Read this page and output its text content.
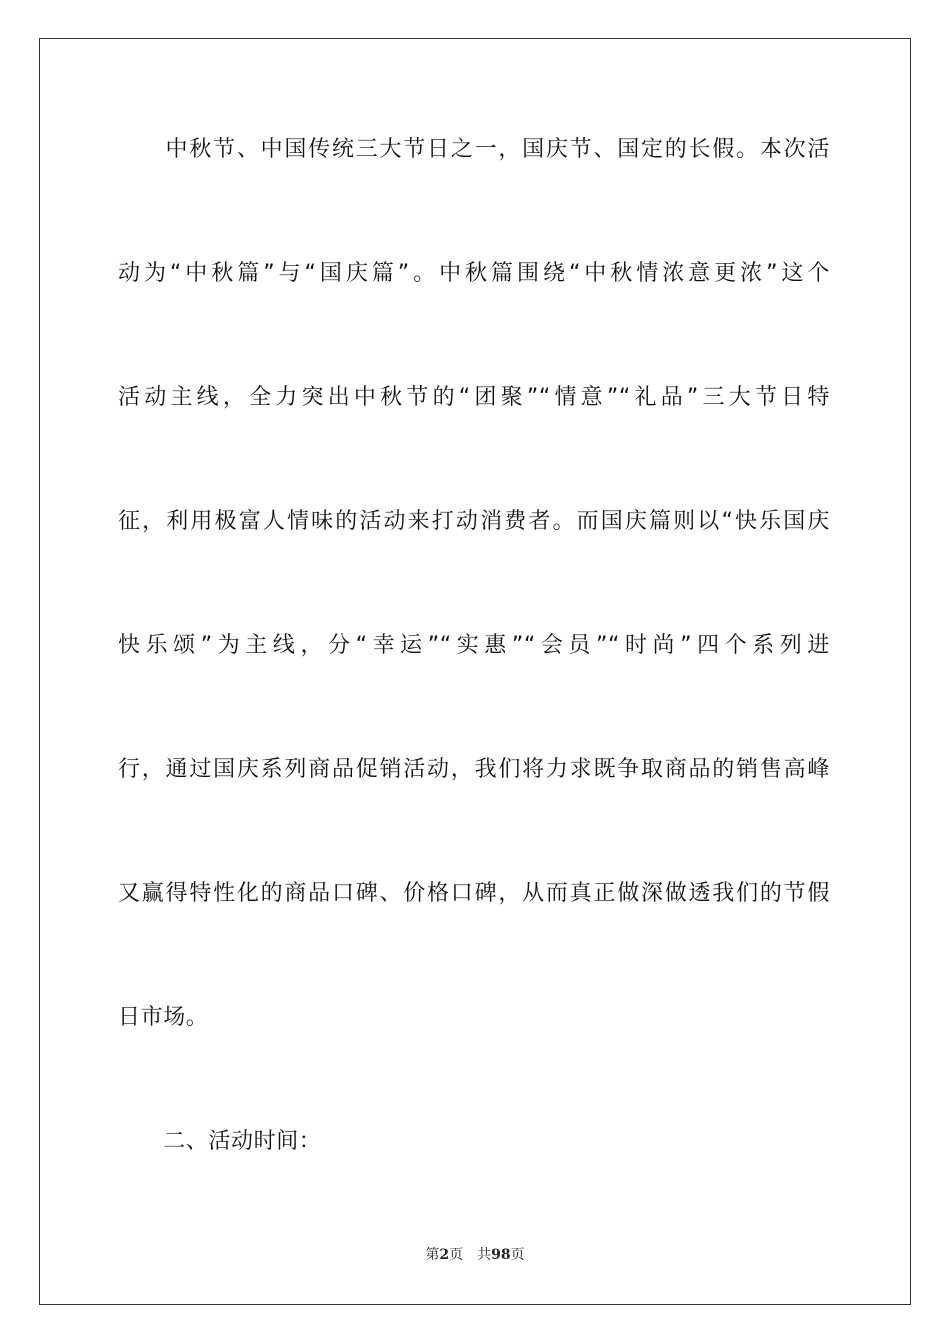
　　中秋节、中国传统三大节日之一，国庆节、国定的长假。本次活
动为“中秋篇”与“国庆篇”。中秋篇围绕“中秋情浓意更浓”这个
活动主线，全力突出中秋节的“团聚”“情意”“礼品”三大节日特
征，利用极富人情味的活动来打动消费者。而国庆篇则以“快乐国庆
快乐颂”为主线，分“幸运”“实惠”“会员”“时尚”四个系列进
行，通过国庆系列商品促销活动，我们将力求既争取商品的销售高峰
又赢得特性化的商品口碑、价格口碑，从而真正做深做透我们的节假
日市场。
　　二、活动时间：
第2页 共98页
